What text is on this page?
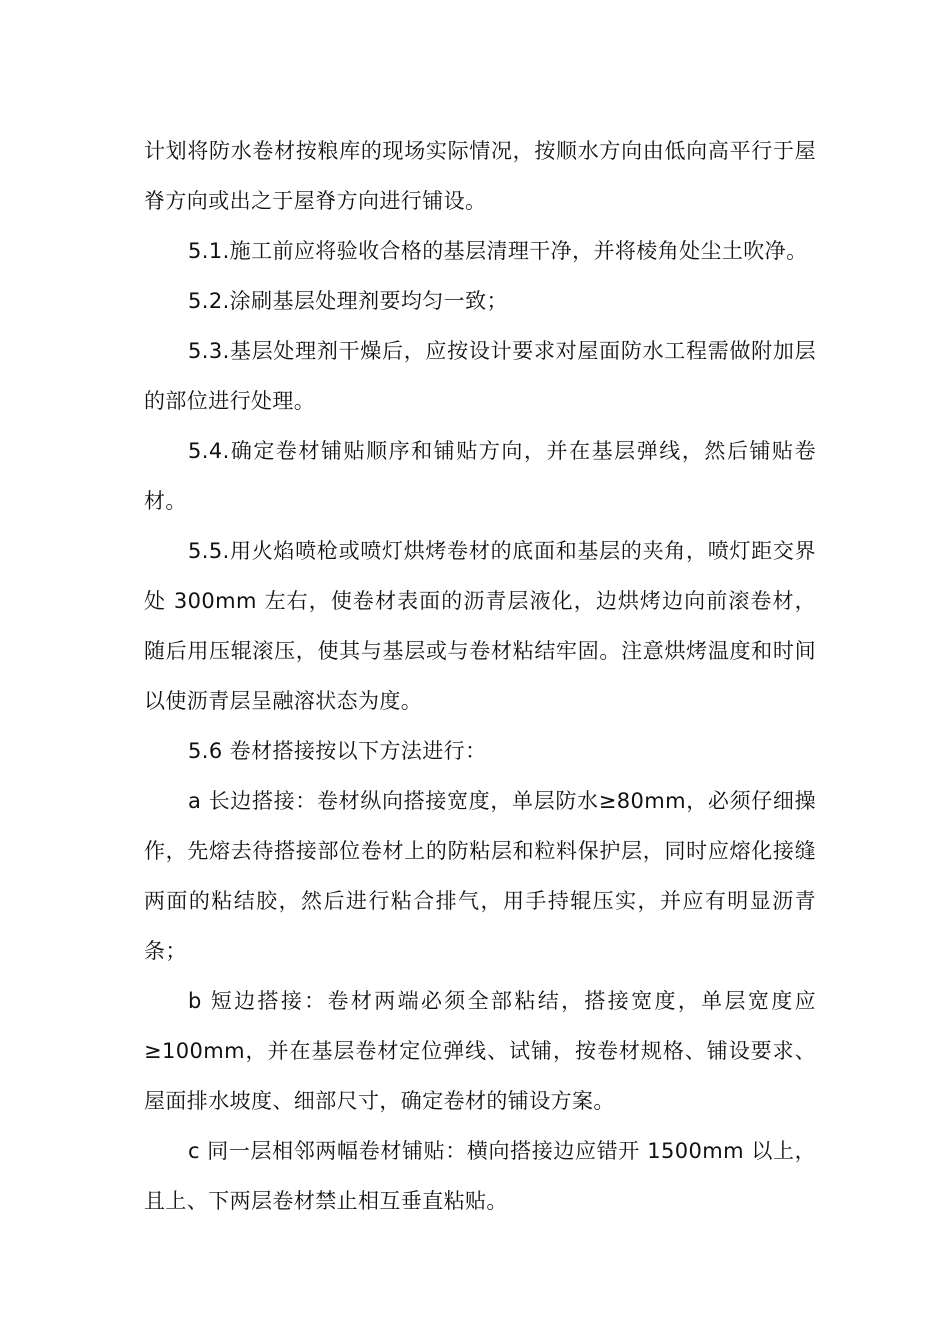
计划将防水卷材按粮库的现场实际情况，按顺水方向由低向高平行于屋脊方向或出之于屋脊方向进行铺设。

5.1.施工前应将验收合格的基层清理干净，并将棱角处尘土吹净。

5.2.涂刷基层处理剂要均匀一致；

5.3.基层处理剂干燥后，应按设计要求对屋面防水工程需做附加层的部位进行处理。

5.4.确定卷材铺贴顺序和铺贴方向，并在基层弹线，然后铺贴卷材。

5.5.用火焰喷枪或喷灯烘烤卷材的底面和基层的夹角，喷灯距交界处 300mm 左右，使卷材表面的沥青层液化，边烘烤边向前滚卷材，随后用压辊滚压，使其与基层或与卷材粘结牢固。注意烘烤温度和时间以使沥青层呈融溶状态为度。

5.6 卷材搭接按以下方法进行：

a 长边搭接：卷材纵向搭接宽度，单层防水≥80mm，必须仔细操作，先熔去待搭接部位卷材上的防粘层和粒料保护层，同时应熔化接缝两面的粘结胶，然后进行粘合排气，用手持辊压实，并应有明显沥青条；

b 短边搭接：卷材两端必须全部粘结，搭接宽度，单层宽度应≥100mm，并在基层卷材定位弹线、试铺，按卷材规格、铺设要求、屋面排水坡度、细部尺寸，确定卷材的铺设方案。

c 同一层相邻两幅卷材铺贴：横向搭接边应错开 1500mm 以上，且上、下两层卷材禁止相互垂直粘贴。
